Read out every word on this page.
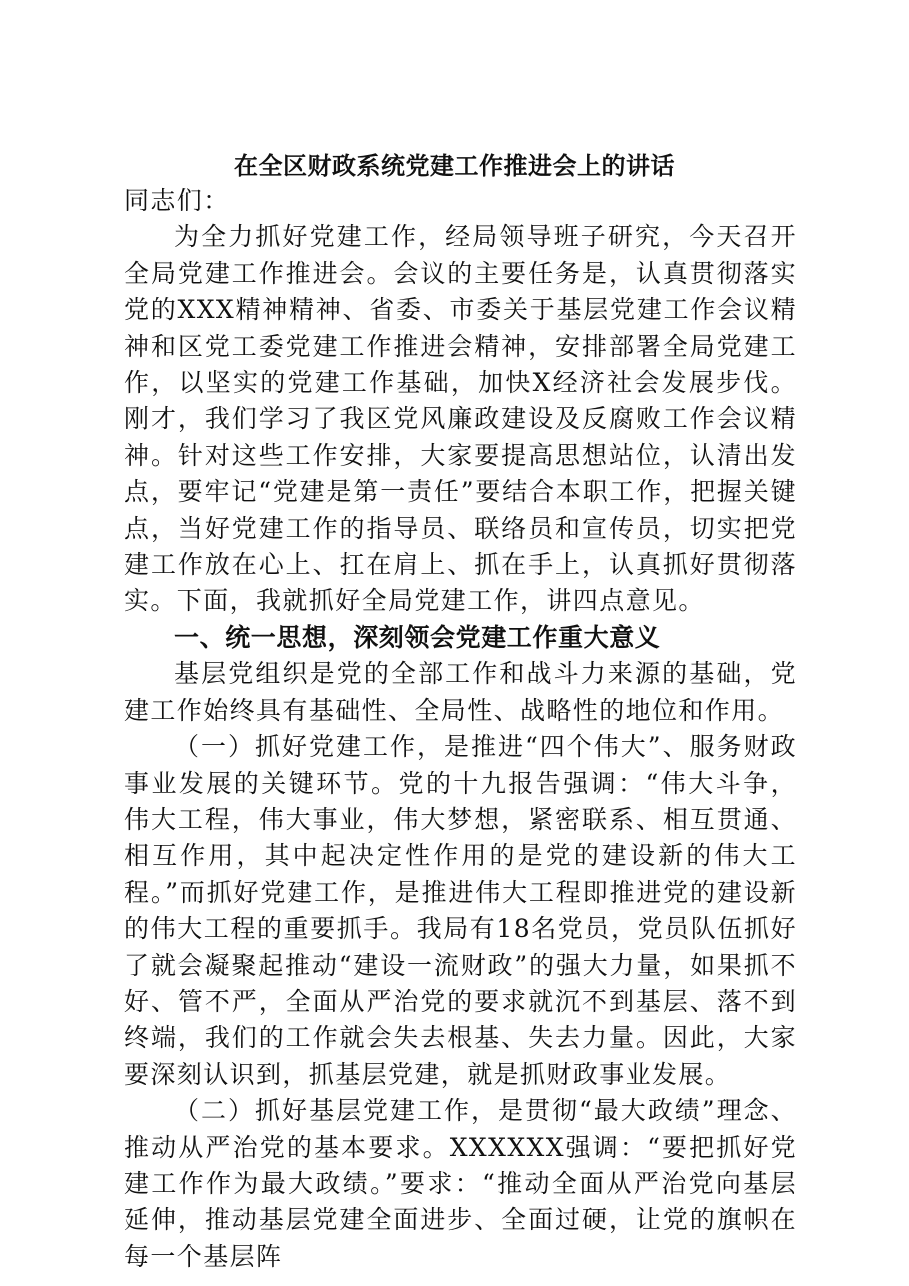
在全区财政系统党建工作推进会上的讲话

同志们：

为全力抓好党建工作，经局领导班子研究，今天召开全局党建工作推进会。会议的主要任务是，认真贯彻落实党的XXX精神精神、省委、市委关于基层党建工作会议精神和区党工委党建工作推进会精神，安排部署全局党建工作，以坚实的党建工作基础，加快X经济社会发展步伐。刚才，我们学习了我区党风廉政建设及反腐败工作会议精神。针对这些工作安排，大家要提高思想站位，认清出发点，要牢记“党建是第一责任”要结合本职工作，把握关键点，当好党建工作的指导员、联络员和宣传员，切实把党建工作放在心上、扛在肩上、抓在手上，认真抓好贯彻落实。下面，我就抓好全局党建工作，讲四点意见。

一、统一思想，深刻领会党建工作重大意义

基层党组织是党的全部工作和战斗力来源的基础，党建工作始终具有基础性、全局性、战略性的地位和作用。

（一）抓好党建工作，是推进“四个伟大”、服务财政事业发展的关键环节。党的十九报告强调：“伟大斗争，伟大工程，伟大事业，伟大梦想，紧密联系、相互贯通、相互作用，其中起决定性作用的是党的建设新的伟大工程。”而抓好党建工作，是推进伟大工程即推进党的建设新的伟大工程的重要抓手。我局有18名党员，党员队伍抓好了就会凝聚起推动“建设一流财政”的强大力量，如果抓不好、管不严，全面从严治党的要求就沉不到基层、落不到终端，我们的工作就会失去根基、失去力量。因此，大家要深刻认识到，抓基层党建，就是抓财政事业发展。

（二）抓好基层党建工作，是贯彻“最大政绩”理念、推动从严治党的基本要求。XXXXXX强调：“要把抓好党建工作作为最大政绩。”要求：“推动全面从严治党向基层延伸，推动基层党建全面进步、全面过硬，让党的旗帜在每一个基层阵
